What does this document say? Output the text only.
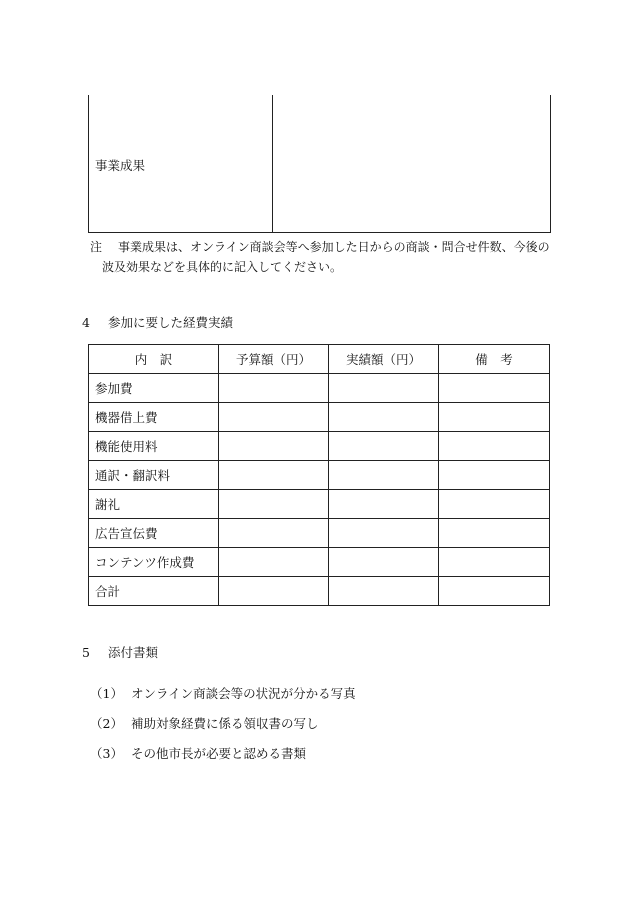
事業成果
注 事業成果は、オンライン商談会等へ参加した日からの商談・問合せ件数、今後の
波及効果などを具体的に記入してください。
4 参加に要した経費実績
内　訳	予算額（円）	実績額（円）	備　考
参加費			
機器借上費			
機能使用料			
通訳・翻訳料			
謝礼			
広告宣伝費			
コンテンツ作成費			
合計			
5 添付書類
（1） オンライン商談会等の状況が分かる写真
（2） 補助対象経費に係る領収書の写し
（3） その他市長が必要と認める書類
